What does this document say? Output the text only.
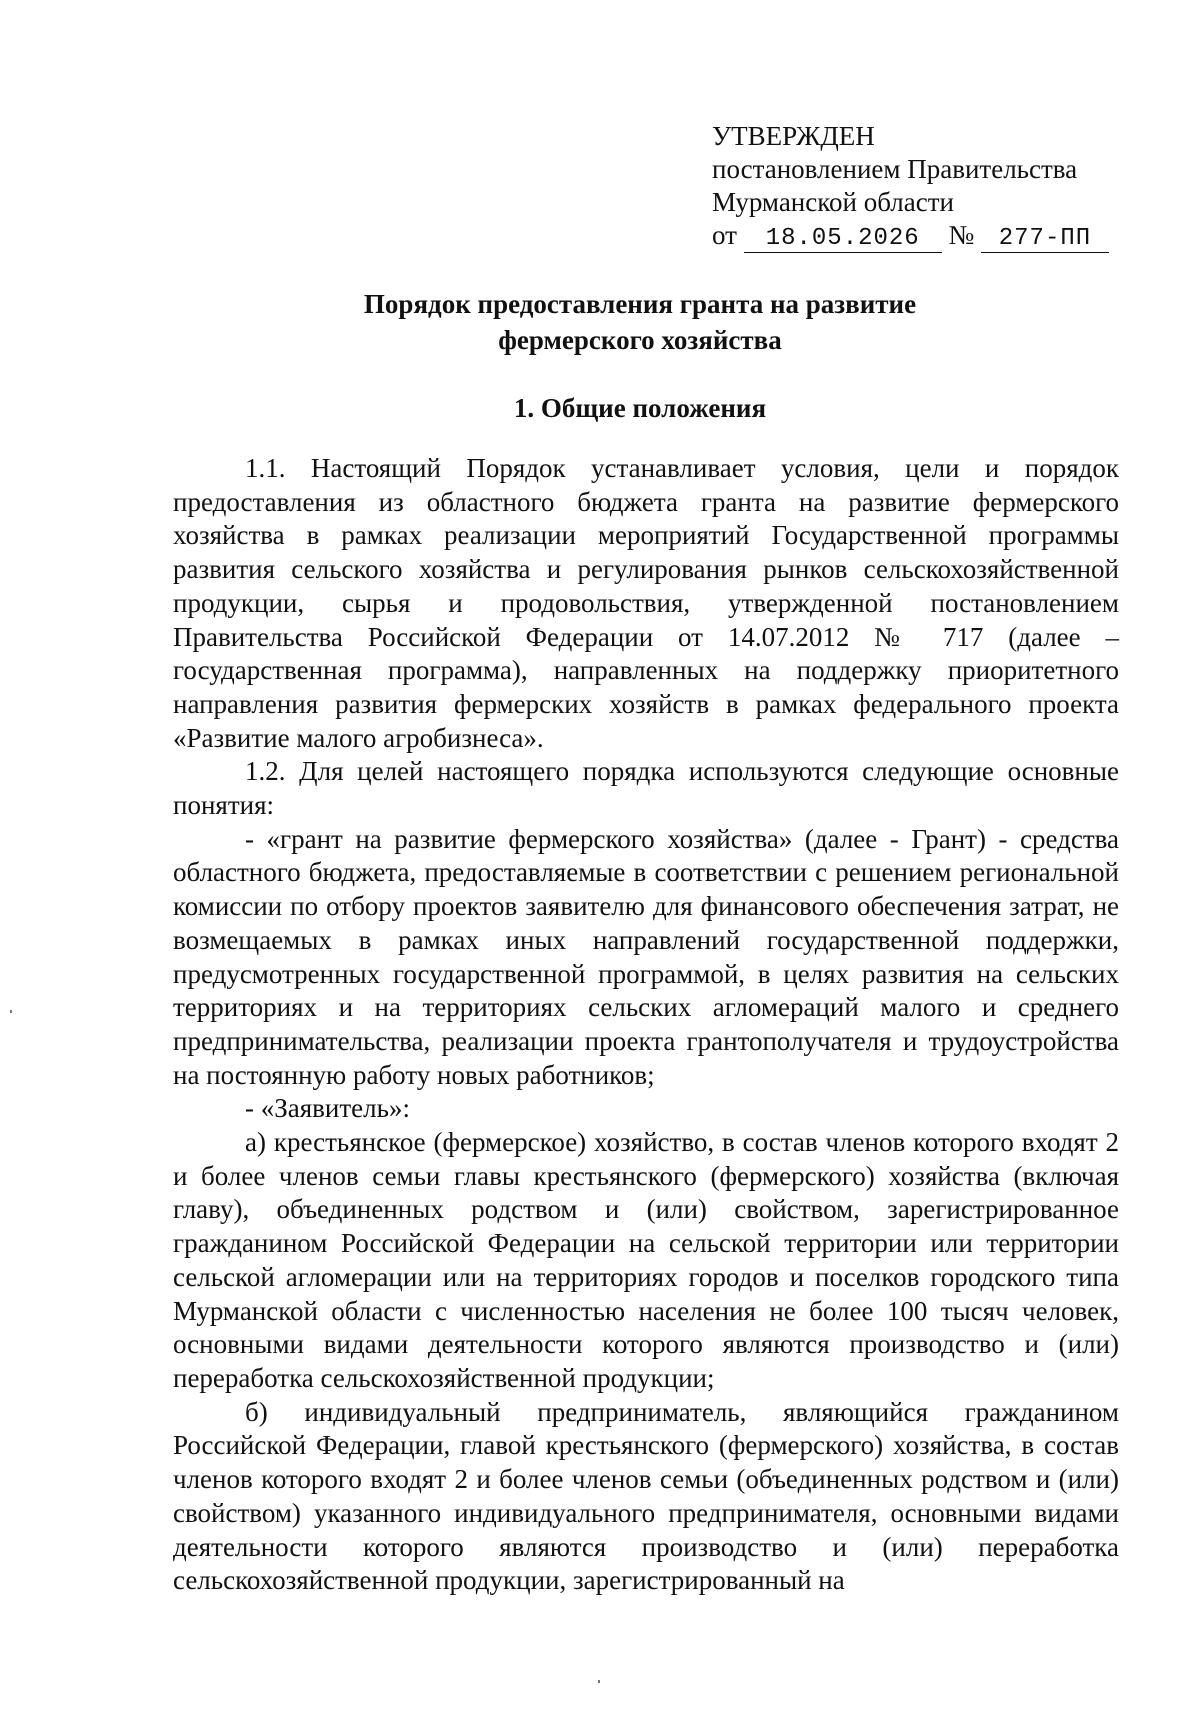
УТВЕРЖДЕН
постановлением Правительства
Мурманской области
от 18.05.2026 № 277-ПП
Порядок предоставления гранта на развитие
фермерского хозяйства
1. Общие положения

1.1. Настоящий Порядок устанавливает условия, цели и порядок предоставления из областного бюджета гранта на развитие фермерского хозяйства в рамках реализации мероприятий Государственной программы развития сельского хозяйства и регулирования рынков сельскохозяйственной продукции, сырья и продовольствия, утвержденной постановлением Правительства Российской Федерации от 14.07.2012 № 717 (далее – государственная программа), направленных на поддержку приоритетного направления развития фермерских хозяйств в рамках федерального проекта «Развитие малого агробизнеса».

1.2. Для целей настоящего порядка используются следующие основные понятия:

- «грант на развитие фермерского хозяйства» (далее - Грант) - средства областного бюджета, предоставляемые в соответствии с решением региональной комиссии по отбору проектов заявителю для финансового обеспечения затрат, не возмещаемых в рамках иных направлений государственной поддержки, предусмотренных государственной программой, в целях развития на сельских территориях и на территориях сельских агломераций малого и среднего предпринимательства, реализации проекта грантополучателя и трудоустройства на постоянную работу новых работников;

- «Заявитель»:

а) крестьянское (фермерское) хозяйство, в состав членов которого входят 2 и более членов семьи главы крестьянского (фермерского) хозяйства (включая главу), объединенных родством и (или) свойством, зарегистрированное гражданином Российской Федерации на сельской территории или территории сельской агломерации или на территориях городов и поселков городского типа Мурманской области с численностью населения не более 100 тысяч человек, основными видами деятельности которого являются производство и (или) переработка сельскохозяйственной продукции;

б) индивидуальный предприниматель, являющийся гражданином Российской Федерации, главой крестьянского (фермерского) хозяйства, в состав членов которого входят 2 и более членов семьи (объединенных родством и (или) свойством) указанного индивидуального предпринимателя, основными видами деятельности которого являются производство и (или) переработка сельскохозяйственной продукции, зарегистрированный на
